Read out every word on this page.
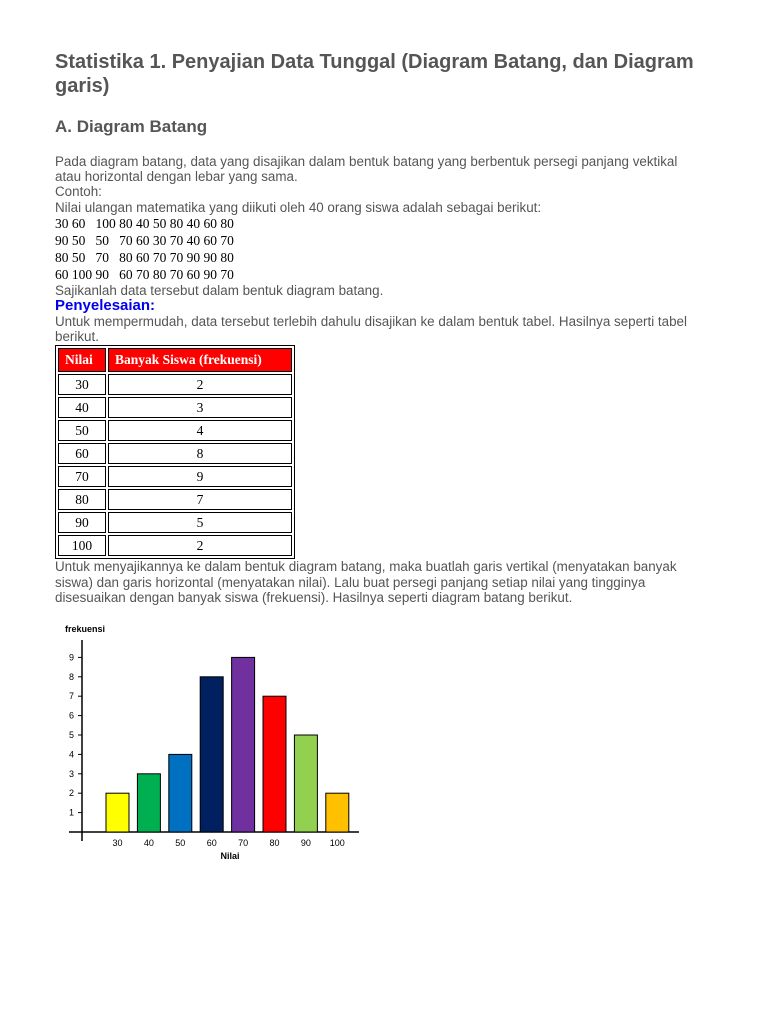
Statistika 1. Penyajian Data Tunggal (Diagram Batang, dan Diagram garis)
A. Diagram Batang

Pada diagram batang, data yang disajikan dalam bentuk batang yang berbentuk persegi panjang vektikal atau horizontal dengan lebar yang sama.

Contoh:

Nilai ulangan matematika yang diikuti oleh 40 orang siswa adalah sebagai berikut:

30 60   100 80 40 50 80 40 60 80
90 50   50   70 60 30 70 40 60 70
80 50   70   80 60 70 70 90 90 80
60 100 90   60 70 80 70 60 90 70

Sajikanlah data tersebut dalam bentuk diagram batang.

Penyelesaian:

Untuk mempermudah, data tersebut terlebih dahulu disajikan ke dalam bentuk tabel. Hasilnya seperti tabel berikut.

Nilai	Banyak Siswa (frekuensi)
30	2
40	3
50	4
60	8
70	9
80	7
90	5
100	2

Untuk menyajikannya ke dalam bentuk diagram batang, maka buatlah garis vertikal (menyatakan banyak siswa) dan garis horizontal (menyatakan nilai). Lalu buat persegi panjang setiap nilai yang tingginya disesuaikan dengan banyak siswa (frekuensi). Hasilnya seperti diagram batang berikut.

frekuensi
Nilai
1
2
3
4
5
6
7
8
9
30 40 50 60 70 80 90 100
